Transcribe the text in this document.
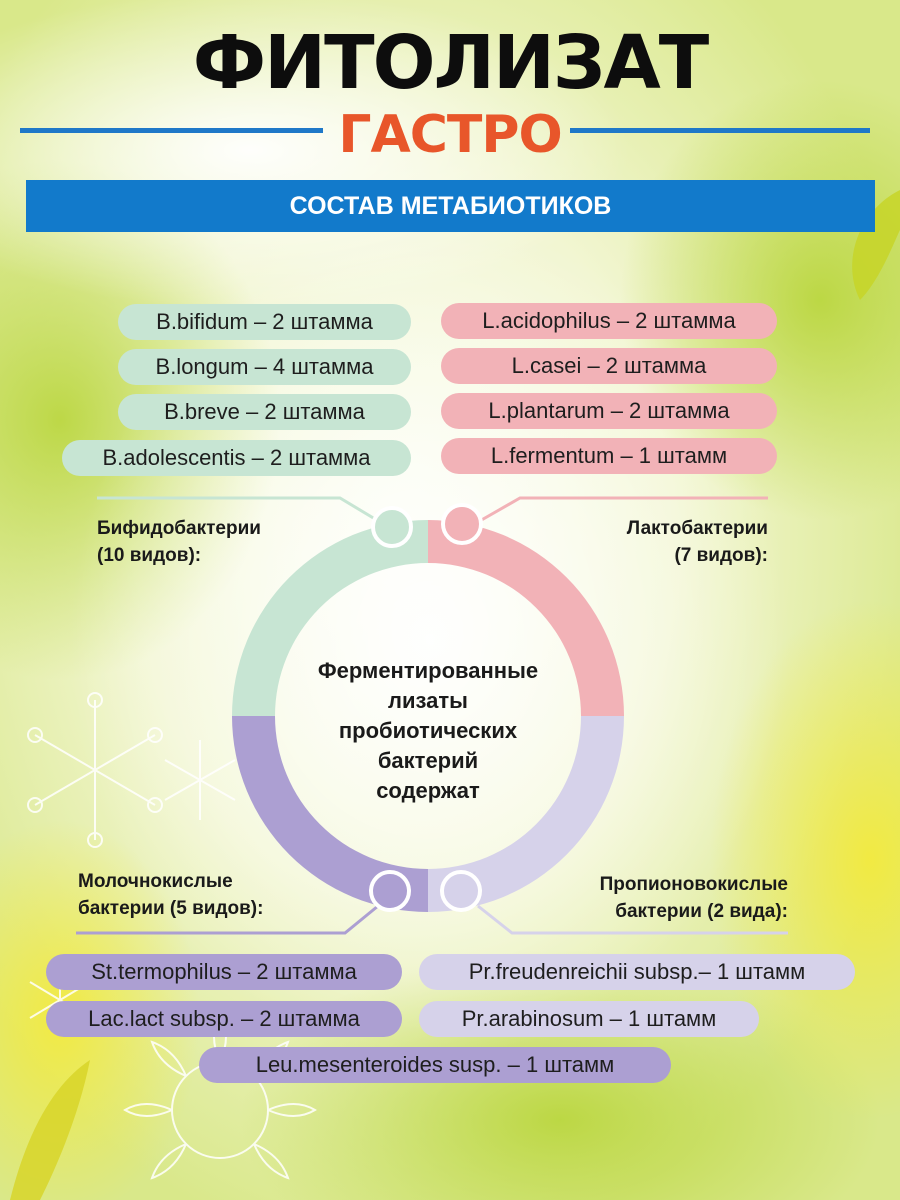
ФИТОЛИЗАТ
ГАСТРО
СОСТАВ МЕТАБИОТИКОВ
B.bifidum – 2 штамма
B.longum – 4 штамма
B.breve – 2 штамма
B.adolescentis – 2 штамма
L.acidophilus – 2 штамма
L.casei – 2 штамма
L.plantarum – 2 штамма
L.fermentum – 1 штамм
Бифидобактерии
(10 видов):
Лактобактерии
(7 видов):
Молочнокислые
бактерии (5 видов):
Пропионовокислые
бактерии (2 вида):
Ферментированные
лизаты
пробиотических
бактерий
содержат
St.termophilus – 2 штамма
Lac.lact subsp. – 2 штамма
Leu.mesenteroides susp. – 1 штамм
Pr.freudenreichii subsp.– 1 штамм
Pr.arabinosum – 1 штамм
